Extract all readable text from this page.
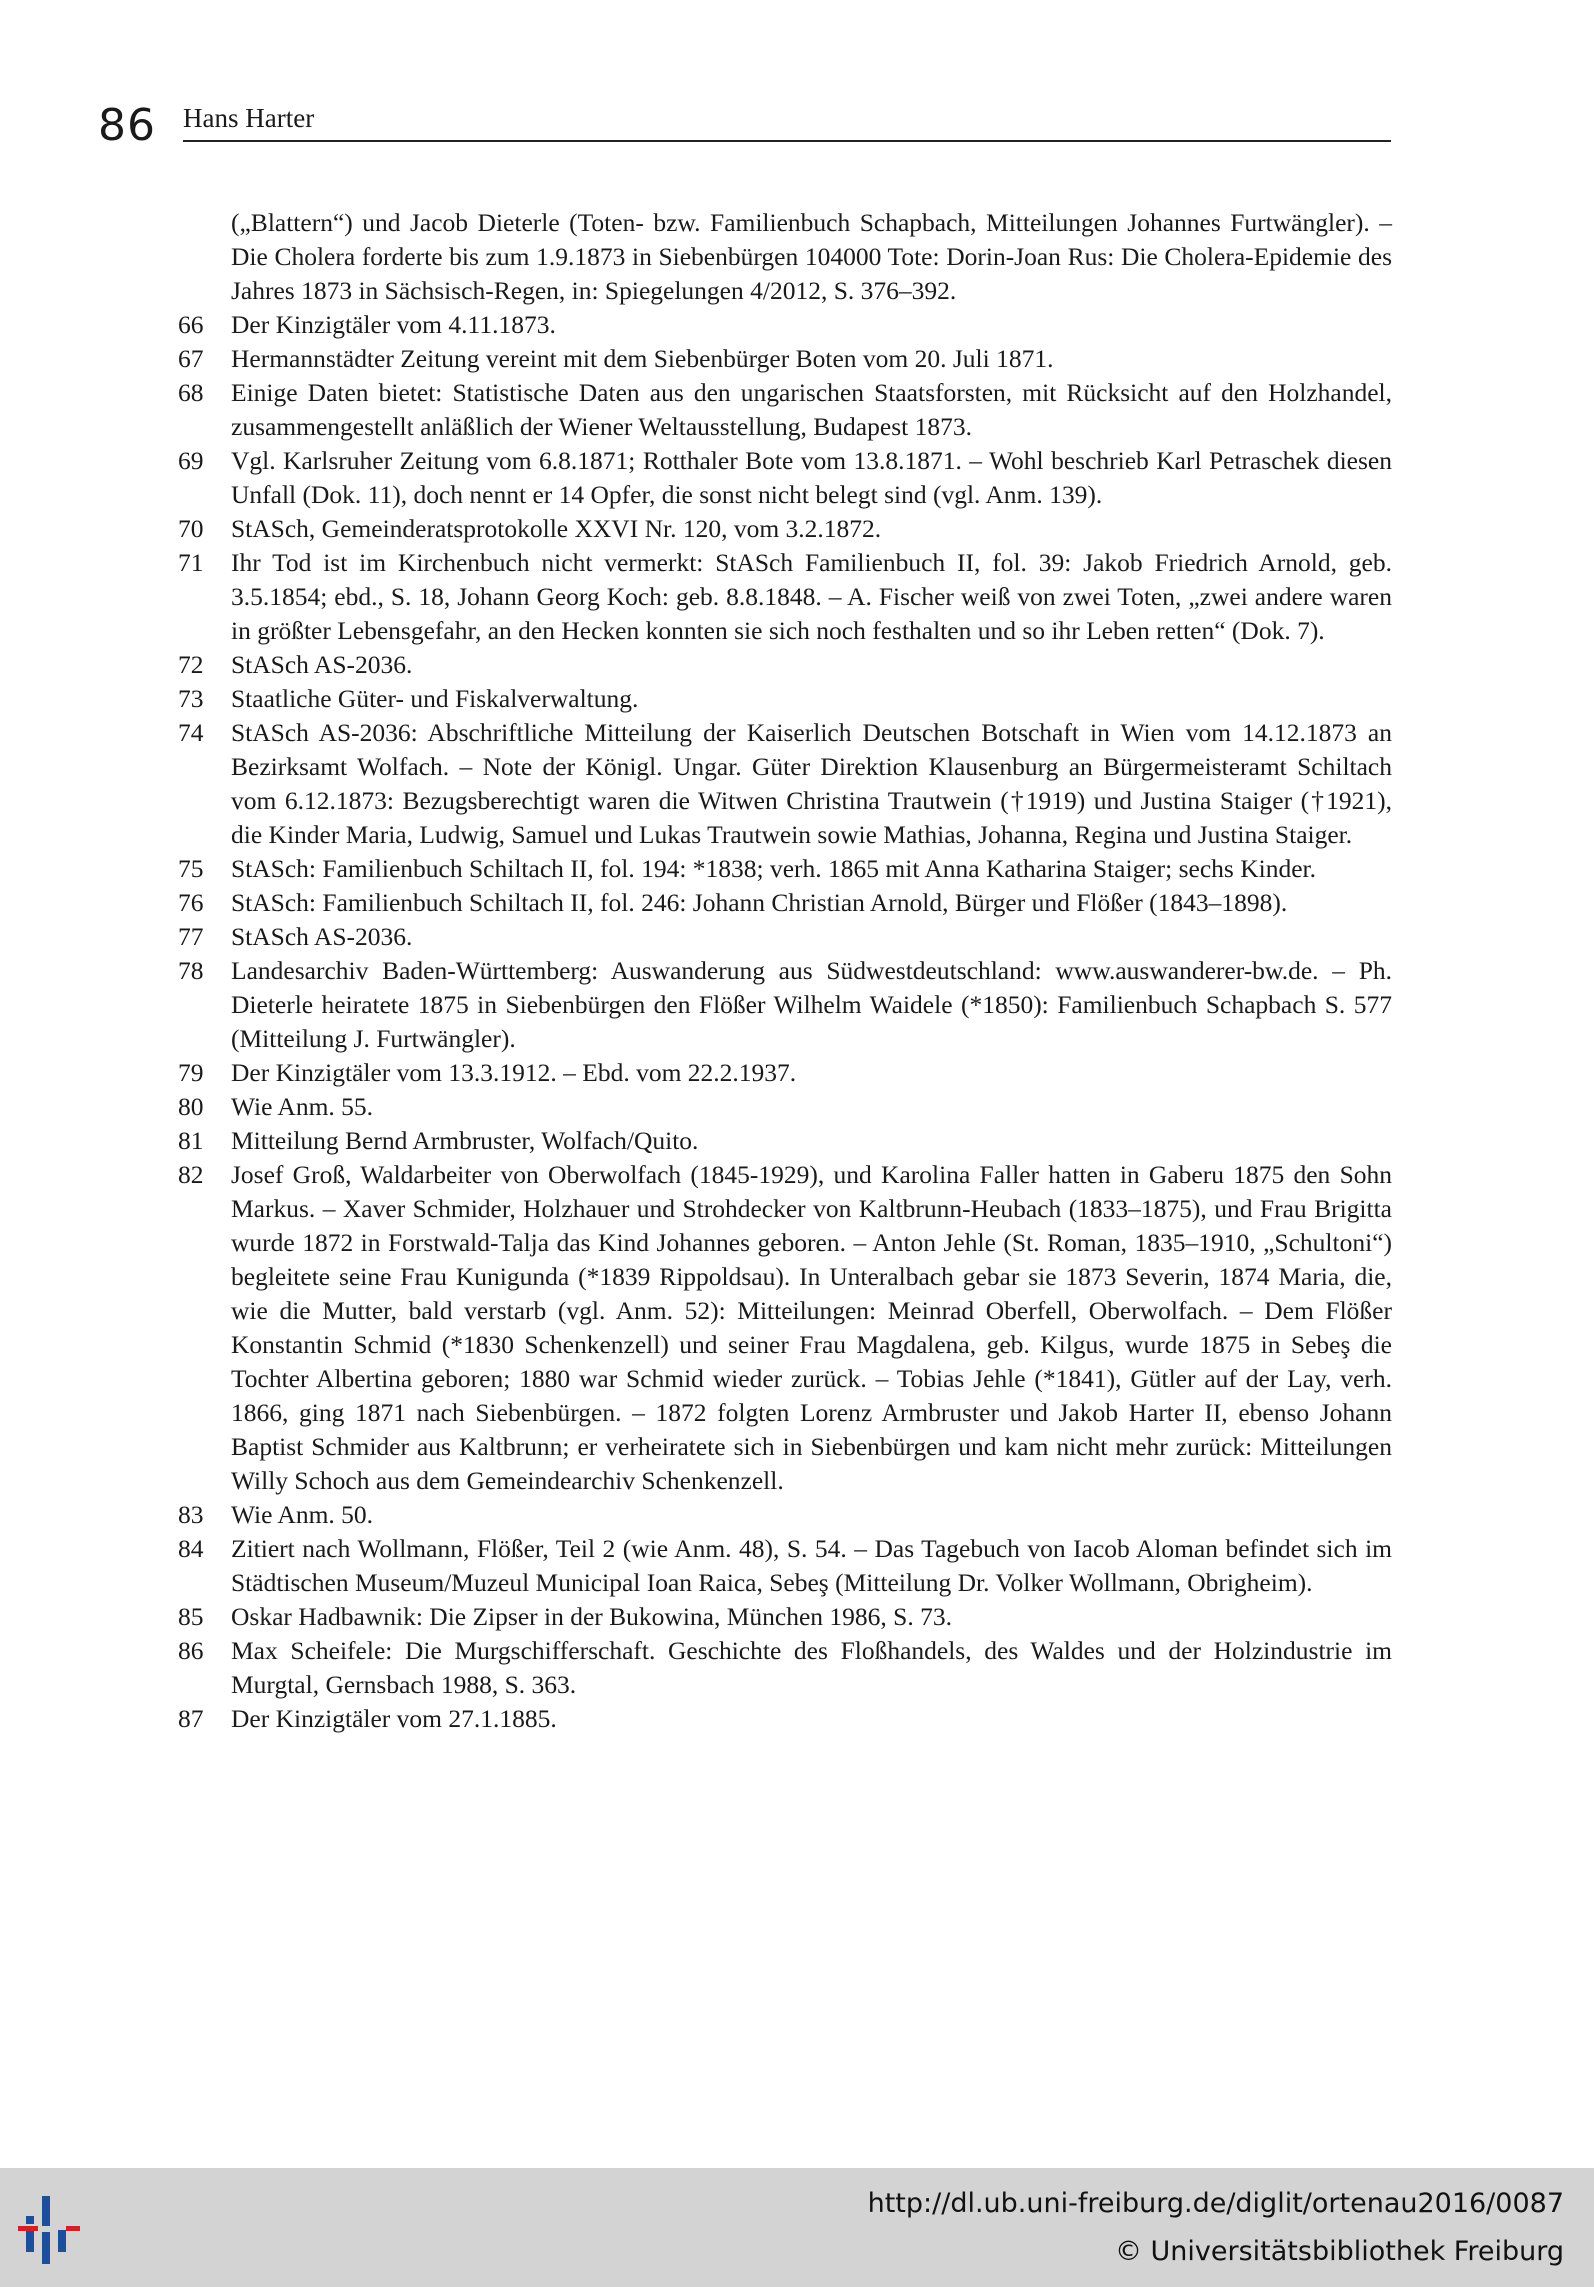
86 Hans Harter
(„Blattern“) und Jacob Dieterle (Toten- bzw. Familienbuch Schapbach, Mitteilungen Johannes Furtwängler). – Die Cholera forderte bis zum 1.9.1873 in Siebenbürgen 104000 Tote: Dorin-Joan Rus: Die Cholera-Epidemie des Jahres 1873 in Sächsisch-Regen, in: Spiegelungen 4/2012, S. 376–392.
66	Der Kinzigtäler vom 4.11.1873.
67	Hermannstädter Zeitung vereint mit dem Siebenbürger Boten vom 20. Juli 1871.
68	Einige Daten bietet: Statistische Daten aus den ungarischen Staatsforsten, mit Rücksicht auf den Holzhandel, zusammengestellt anläßlich der Wiener Weltausstellung, Budapest 1873.
69	Vgl. Karlsruher Zeitung vom 6.8.1871; Rotthaler Bote vom 13.8.1871. – Wohl beschrieb Karl Petraschek diesen Unfall (Dok. 11), doch nennt er 14 Opfer, die sonst nicht belegt sind (vgl. Anm. 139).
70	StASch, Gemeinderatsprotokolle XXVI Nr. 120, vom 3.2.1872.
71	Ihr Tod ist im Kirchenbuch nicht vermerkt: StASch Familienbuch II, fol. 39: Jakob Friedrich Arnold, geb. 3.5.1854; ebd., S. 18, Johann Georg Koch: geb. 8.8.1848. – A. Fischer weiß von zwei Toten, „zwei andere waren in größter Lebensgefahr, an den Hecken konnten sie sich noch festhalten und so ihr Leben retten“ (Dok. 7).
72	StASch AS-2036.
73	Staatliche Güter- und Fiskalverwaltung.
74	StASch AS-2036: Abschriftliche Mitteilung der Kaiserlich Deutschen Botschaft in Wien vom 14.12.1873 an Bezirksamt Wolfach. – Note der Königl. Ungar. Güter Direktion Klausenburg an Bürgermeisteramt Schiltach vom 6.12.1873: Bezugsberechtigt waren die Witwen Christina Trautwein (†1919) und Justina Staiger (†1921), die Kinder Maria, Ludwig, Samuel und Lukas Trautwein sowie Mathias, Johanna, Regina und Justina Staiger.
75	StASch: Familienbuch Schiltach II, fol. 194: *1838; verh. 1865 mit Anna Katharina Staiger; sechs Kinder.
76	StASch: Familienbuch Schiltach II, fol. 246: Johann Christian Arnold, Bürger und Flößer (1843–1898).
77	StASch AS-2036.
78	Landesarchiv Baden-Württemberg: Auswanderung aus Südwestdeutschland: www.auswanderer-bw.de. – Ph. Dieterle heiratete 1875 in Siebenbürgen den Flößer Wilhelm Waidele (*1850): Familienbuch Schapbach S. 577 (Mitteilung J. Furtwängler).
79	Der Kinzigtäler vom 13.3.1912. – Ebd. vom 22.2.1937.
80	Wie Anm. 55.
81	Mitteilung Bernd Armbruster, Wolfach/Quito.
82	Josef Groß, Waldarbeiter von Oberwolfach (1845-1929), und Karolina Faller hatten in Gaberu 1875 den Sohn Markus. – Xaver Schmider, Holzhauer und Strohdecker von Kaltbrunn-Heubach (1833–1875), und Frau Brigitta wurde 1872 in Forstwald-Talja das Kind Johannes geboren. – Anton Jehle (St. Roman, 1835–1910, „Schultoni“) begleitete seine Frau Kunigunda (*1839 Rippoldsau). In Unteralbach gebar sie 1873 Severin, 1874 Maria, die, wie die Mutter, bald verstarb (vgl. Anm. 52): Mitteilungen: Meinrad Oberfell, Oberwolfach. – Dem Flößer Konstantin Schmid (*1830 Schenkenzell) und seiner Frau Magdalena, geb. Kilgus, wurde 1875 in Sebeş die Tochter Albertina geboren; 1880 war Schmid wieder zurück. – Tobias Jehle (*1841), Gütler auf der Lay, verh. 1866, ging 1871 nach Siebenbürgen. – 1872 folgten Lorenz Armbruster und Jakob Harter II, ebenso Johann Baptist Schmider aus Kaltbrunn; er verheiratete sich in Siebenbürgen und kam nicht mehr zurück: Mitteilungen Willy Schoch aus dem Gemeindearchiv Schenkenzell.
83	Wie Anm. 50.
84	Zitiert nach Wollmann, Flößer, Teil 2 (wie Anm. 48), S. 54. – Das Tagebuch von Iacob Aloman befindet sich im Städtischen Museum/Muzeul Municipal Ioan Raica, Sebeş (Mitteilung Dr. Volker Wollmann, Obrigheim).
85	Oskar Hadbawnik: Die Zipser in der Bukowina, München 1986, S. 73.
86	Max Scheifele: Die Murgschifferschaft. Geschichte des Floßhandels, des Waldes und der Holzindustrie im Murgtal, Gernsbach 1988, S. 363.
87	Der Kinzigtäler vom 27.1.1885.
http://dl.ub.uni-freiburg.de/diglit/ortenau2016/0087
© Universitätsbibliothek Freiburg
